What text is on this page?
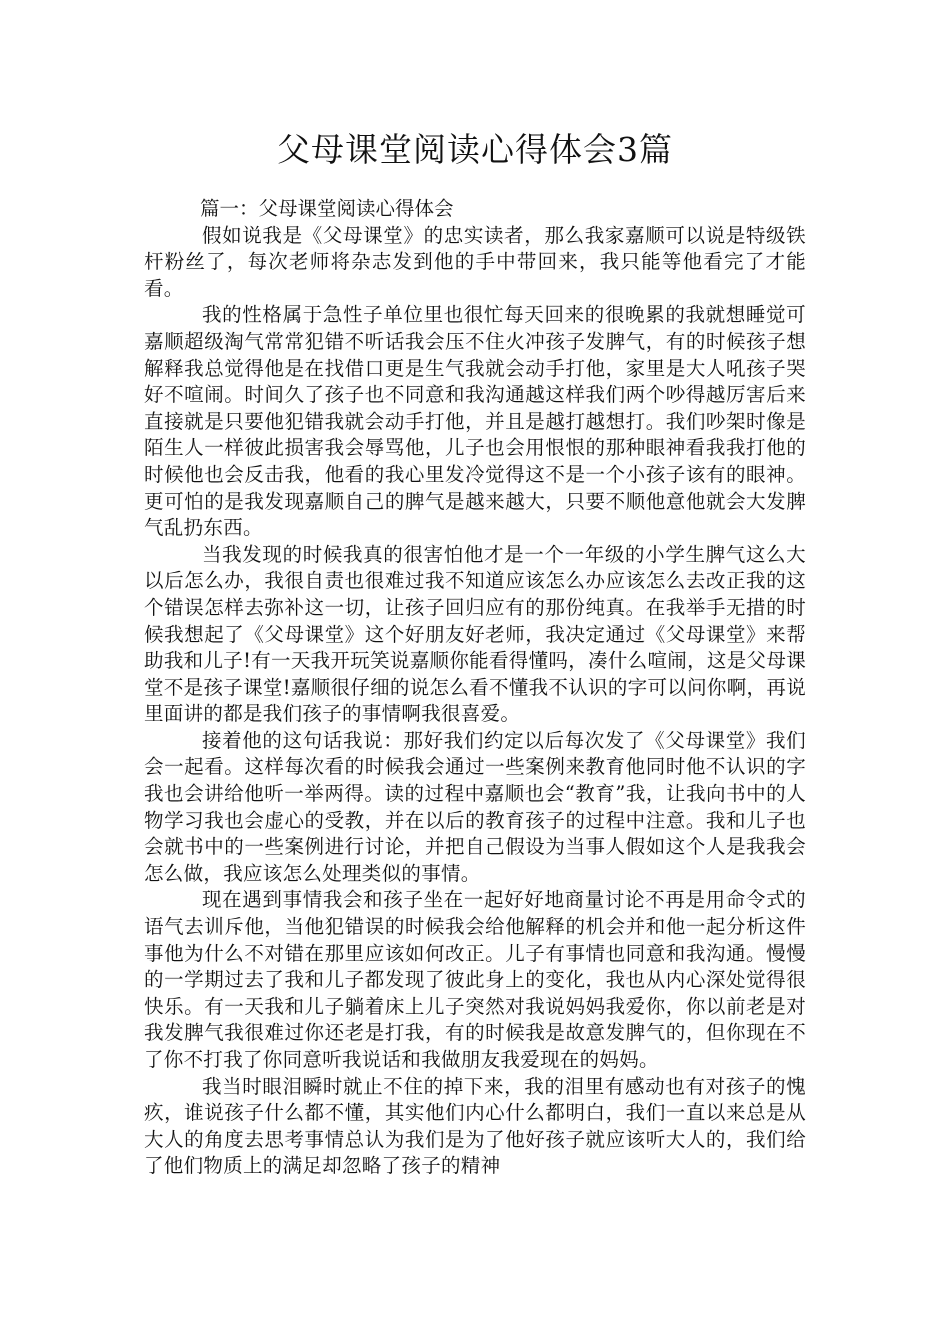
父母课堂阅读心得体会3篇

篇一：父母课堂阅读心得体会

假如说我是《父母课堂》的忠实读者，那么我家嘉顺可以说是特级铁杆粉丝了，每次老师将杂志发到他的手中带回来，我只能等他看完了才能看。

我的性格属于急性子单位里也很忙每天回来的很晚累的我就想睡觉可嘉顺超级淘气常常犯错不听话我会压不住火冲孩子发脾气，有的时候孩子想解释我总觉得他是在找借口更是生气我就会动手打他，家里是大人吼孩子哭好不喧闹。时间久了孩子也不同意和我沟通越这样我们两个吵得越厉害后来直接就是只要他犯错我就会动手打他，并且是越打越想打。我们吵架时像是陌生人一样彼此损害我会辱骂他，儿子也会用恨恨的那种眼神看我我打他的时候他也会反击我，他看的我心里发冷觉得这不是一个小孩子该有的眼神。更可怕的是我发现嘉顺自己的脾气是越来越大，只要不顺他意他就会大发脾气乱扔东西。

当我发现的时候我真的很害怕他才是一个一年级的小学生脾气这么大以后怎么办，我很自责也很难过我不知道应该怎么办应该怎么去改正我的这个错误怎样去弥补这一切，让孩子回归应有的那份纯真。在我举手无措的时候我想起了《父母课堂》这个好朋友好老师，我决定通过《父母课堂》来帮助我和儿子!有一天我开玩笑说嘉顺你能看得懂吗，凑什么喧闹，这是父母课堂不是孩子课堂!嘉顺很仔细的说怎么看不懂我不认识的字可以问你啊，再说里面讲的都是我们孩子的事情啊我很喜爱。

接着他的这句话我说：那好我们约定以后每次发了《父母课堂》我们会一起看。这样每次看的时候我会通过一些案例来教育他同时他不认识的字我也会讲给他听一举两得。读的过程中嘉顺也会“教育”我，让我向书中的人物学习我也会虚心的受教，并在以后的教育孩子的过程中注意。我和儿子也会就书中的一些案例进行讨论，并把自己假设为当事人假如这个人是我我会怎么做，我应该怎么处理类似的事情。

现在遇到事情我会和孩子坐在一起好好地商量讨论不再是用命令式的语气去训斥他，当他犯错误的时候我会给他解释的机会并和他一起分析这件事他为什么不对错在那里应该如何改正。儿子有事情也同意和我沟通。慢慢的一学期过去了我和儿子都发现了彼此身上的变化，我也从内心深处觉得很快乐。有一天我和儿子躺着床上儿子突然对我说妈妈我爱你，你以前老是对我发脾气我很难过你还老是打我，有的时候我是故意发脾气的，但你现在不了你不打我了你同意听我说话和我做朋友我爱现在的妈妈。

我当时眼泪瞬时就止不住的掉下来，我的泪里有感动也有对孩子的愧疚，谁说孩子什么都不懂，其实他们内心什么都明白，我们一直以来总是从大人的角度去思考事情总认为我们是为了他好孩子就应该听大人的，我们给了他们物质上的满足却忽略了孩子的精神
